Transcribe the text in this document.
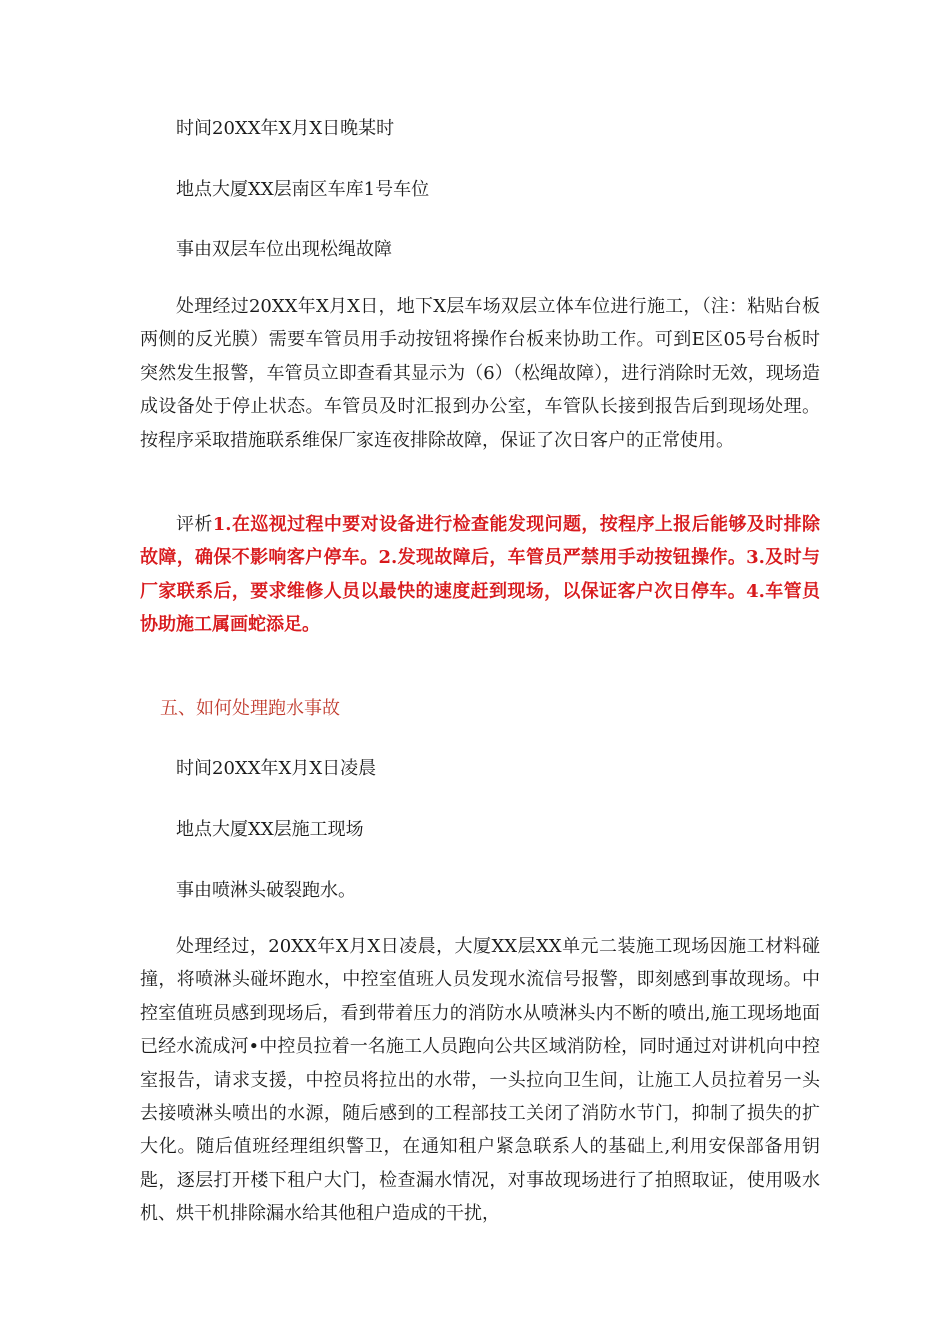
时间20XX年X月X日晚某时
地点大厦XX层南区车库1号车位
事由双层车位出现松绳故障

处理经过20XX年X月X日，地下X层车场双层立体车位进行施工，（注：粘贴台板两侧的反光膜）需要车管员用手动按钮将操作台板来协助工作。可到E区05号台板时突然发生报警，车管员立即查看其显示为（6）（松绳故障），进行消除时无效，现场造成设备处于停止状态。车管员及时汇报到办公室，车管队长接到报告后到现场处理。按程序采取措施联系维保厂家连夜排除故障，保证了次日客户的正常使用。

评析1.在巡视过程中要对设备进行检查能发现问题，按程序上报后能够及时排除故障，确保不影响客户停车。2.发现故障后，车管员严禁用手动按钮操作。3.及时与厂家联系后，要求维修人员以最快的速度赶到现场，以保证客户次日停车。4.车管员协助施工属画蛇添足。

五、如何处理跑水事故
时间20XX年X月X日凌晨
地点大厦XX层施工现场
事由喷淋头破裂跑水。

处理经过，20XX年X月X日凌晨，大厦XX层XX单元二装施工现场因施工材料碰撞，将喷淋头碰坏跑水，中控室值班人员发现水流信号报警，即刻感到事故现场。中控室值班员感到现场后，看到带着压力的消防水从喷淋头内不断的喷出,施工现场地面已经水流成河•中控员拉着一名施工人员跑向公共区域消防栓，同时通过对讲机向中控室报告，请求支援，中控员将拉出的水带，一头拉向卫生间，让施工人员拉着另一头去接喷淋头喷出的水源，随后感到的工程部技工关闭了消防水节门，抑制了损失的扩大化。随后值班经理组织警卫，在通知租户紧急联系人的基础上,利用安保部备用钥匙，逐层打开楼下租户大门，检查漏水情况，对事故现场进行了拍照取证，使用吸水机、烘干机排除漏水给其他租户造成的干扰，
